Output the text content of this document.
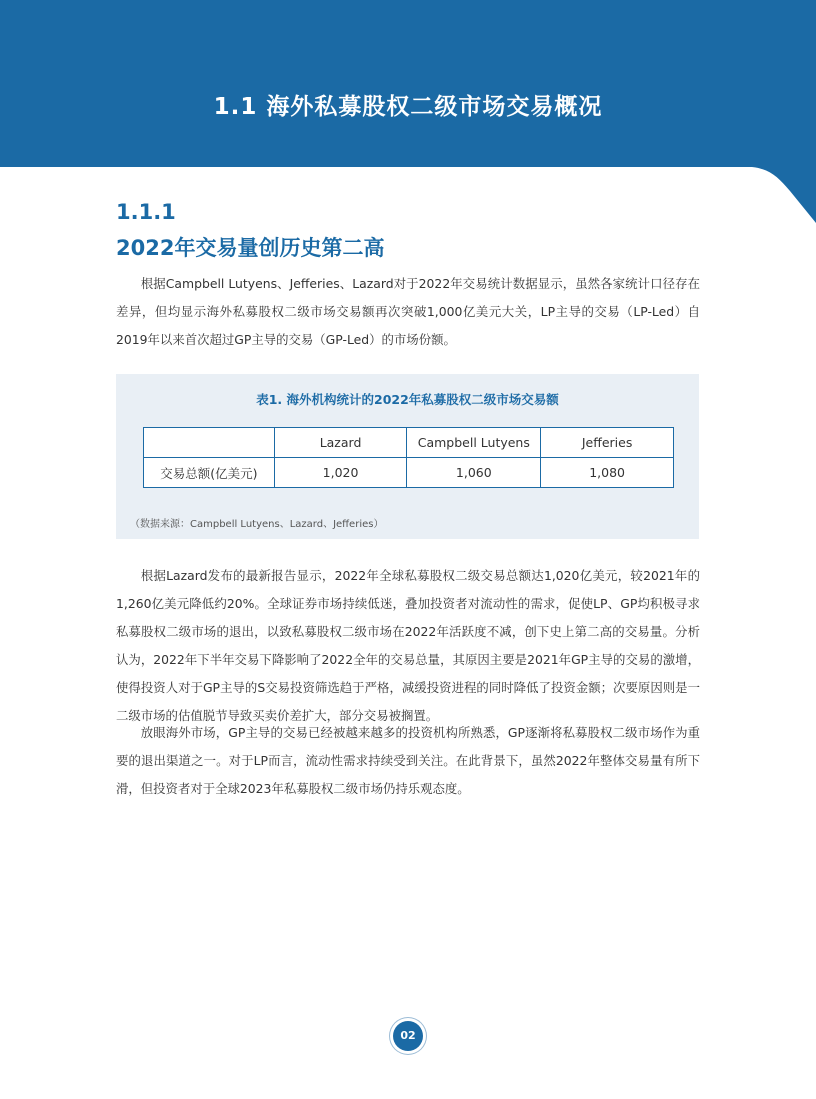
1.1 海外私募股权二级市场交易概况
1.1.1
2022年交易量创历史第二高

根据Campbell Lutyens、Jefferies、Lazard对于2022年交易统计数据显示，虽然各家统计口径存在差异，但均显示海外私募股权二级市场交易额再次突破1,000亿美元大关，LP主导的交易（LP-Led）自2019年以来首次超过GP主导的交易（GP-Led）的市场份额。

表1. 海外机构统计的2022年私募股权二级市场交易额
	Lazard	Campbell Lutyens	Jefferies
交易总额(亿美元)	1,020	1,060	1,080
（数据来源：Campbell Lutyens、Lazard、Jefferies）

根据Lazard发布的最新报告显示，2022年全球私募股权二级交易总额达1,020亿美元，较2021年的1,260亿美元降低约20%。全球证券市场持续低迷，叠加投资者对流动性的需求，促使LP、GP均积极寻求私募股权二级市场的退出，以致私募股权二级市场在2022年活跃度不减，创下史上第二高的交易量。分析认为，2022年下半年交易下降影响了2022全年的交易总量，其原因主要是2021年GP主导的交易的激增，使得投资人对于GP主导的S交易投资筛选趋于严格，减缓投资进程的同时降低了投资金额；次要原因则是一二级市场的估值脱节导致买卖价差扩大，部分交易被搁置。

放眼海外市场，GP主导的交易已经被越来越多的投资机构所熟悉，GP逐渐将私募股权二级市场作为重要的退出渠道之一。对于LP而言，流动性需求持续受到关注。在此背景下，虽然2022年整体交易量有所下滑，但投资者对于全球2023年私募股权二级市场仍持乐观态度。

02
